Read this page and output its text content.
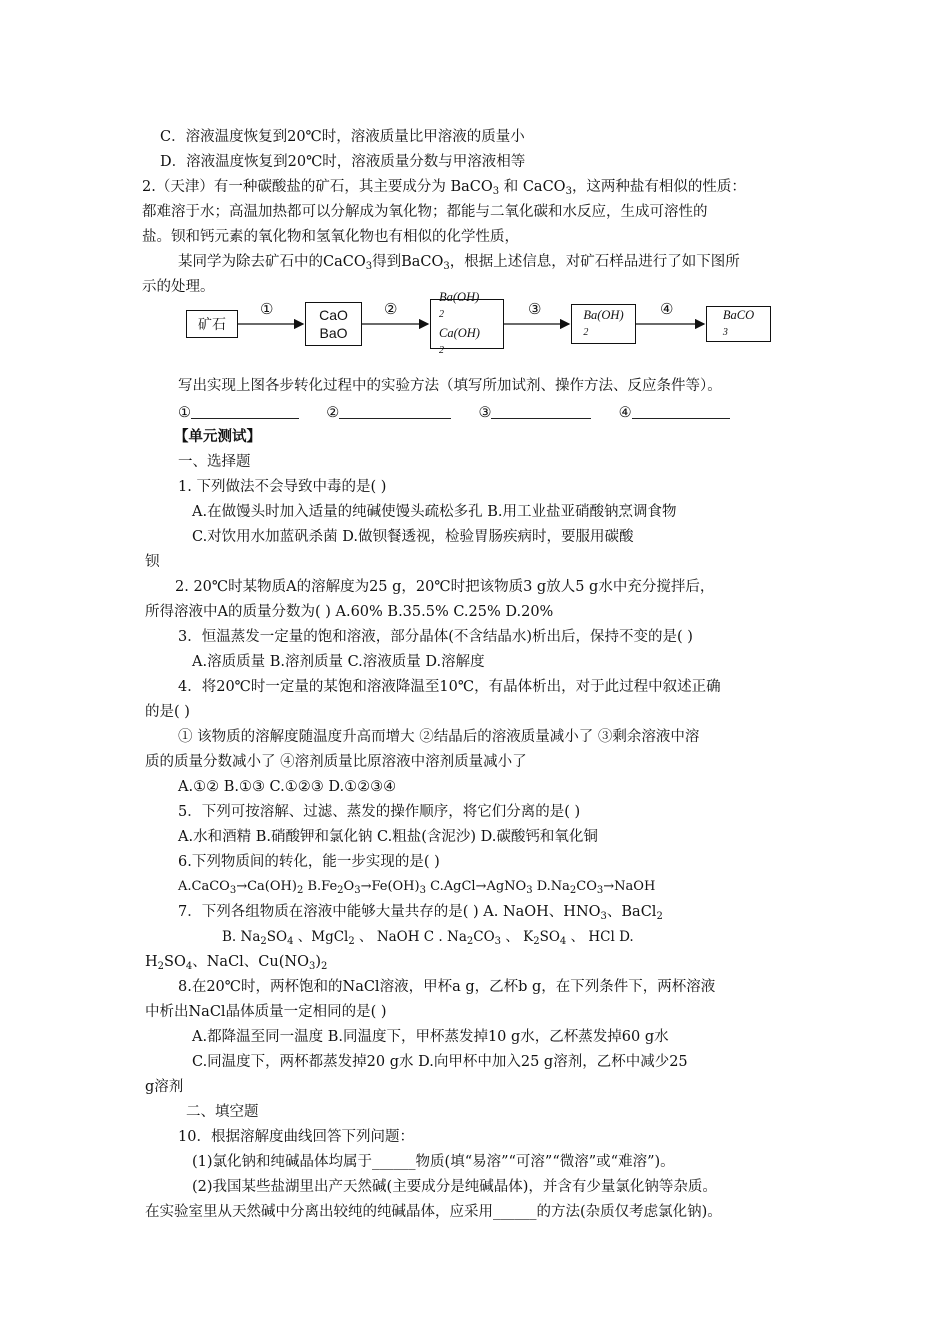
C．溶液温度恢复到20℃时，溶液质量比甲溶液的质量小
D．溶液温度恢复到20℃时，溶液质量分数与甲溶液相等
2.（天津）有一种碳酸盐的矿石，其主要成分为 BaCO$_3$ 和 CaCO$_3$，这两种盐有相似的性质：
都难溶于水；高温加热都可以分解成为氧化物；都能与二氧化碳和水反应，生成可溶性的
盐。钡和钙元素的氧化物和氢氧化物也有相似的化学性质，
某同学为除去矿石中的CaCO$_3$得到BaCO$_3$，根据上述信息，对矿石样品进行了如下图所
示的处理。
矿石
①	CaO
BaO
②
Ba(OH)
2
Ca(OH)
2
③	Ba(OH)
2
④	BaCO
3
写出实现上图各步转化过程中的实验方法（填写所加试剂、操作方法、反应条件等）。
①	②	③	④
【单元测试】
一、选择题
1. 下列做法不会导致中毒的是( )
A.在做馒头时加入适量的纯碱使馒头疏松多孔 B.用工业盐亚硝酸钠烹调食物
C.对饮用水加蓝矾杀菌 D.做钡餐透视，检验胃肠疾病时，要服用碳酸
钡
2. 20℃时某物质A的溶解度为25 g，20℃时把该物质3 g放人5 g水中充分搅拌后，
所得溶液中A的质量分数为( ) A.60% B.35.5% C.25% D.20%
3．恒温蒸发一定量的饱和溶液，部分晶体(不含结晶水)析出后，保持不变的是( )
A.溶质质量 B.溶剂质量 C.溶液质量 D.溶解度
4．将20℃时一定量的某饱和溶液降温至10℃，有晶体析出，对于此过程中叙述正确
的是( )
① 该物质的溶解度随温度升高而增大 ②结晶后的溶液质量减小了 ③剩余溶液中溶
质的质量分数减小了 ④溶剂质量比原溶液中溶剂质量减小了
A.①② B.①③ C.①②③ D.①②③④
5．下列可按溶解、过滤、蒸发的操作顺序，将它们分离的是( )
A.水和酒精 B.硝酸钾和氯化钠 C.粗盐(含泥沙) D.碳酸钙和氧化铜
6.下列物质间的转化，能一步实现的是( )
$A.CaCO_3\to Ca(OH)_2$ $B.Fe_2O_3\to Fe(OH)_3$ C.AgCl→AgNO$_3$ $D.Na_2CO_3\to NaOH$
7．下列各组物质在溶液中能够大量共存的是( ) A. NaOH、$HNO_3$、BaCl$_2$
B. $Na_2SO_4$ 、MgCl$_2$ 、 NaOH C . $Na_2CO_3$ 、 $K_2SO_4$ 、 HCl D.
$H_2SO_4$、NaCl、$Cu(NO_3)_2$
8.在20℃时，两杯饱和的NaCl溶液，甲杯a g，乙杯b g，在下列条件下，两杯溶液
中析出NaCl晶体质量一定相同的是( )
A.都降温至同一温度 B.同温度下，甲杯蒸发掉10 g水，乙杯蒸发掉60 g水
C.同温度下，两杯都蒸发掉20 g水 D.向甲杯中加入25 g溶剂，乙杯中减少25
g溶剂
二、填空题
10．根据溶解度曲线回答下列问题：
(1)氯化钠和纯碱晶体均属于______物质(填“易溶”“可溶”“微溶”或“难溶”)。
(2)我国某些盐湖里出产天然碱(主要成分是纯碱晶体)，并含有少量氯化钠等杂质。
在实验室里从天然碱中分离出较纯的纯碱晶体，应采用______的方法(杂质仅考虑氯化钠)。
